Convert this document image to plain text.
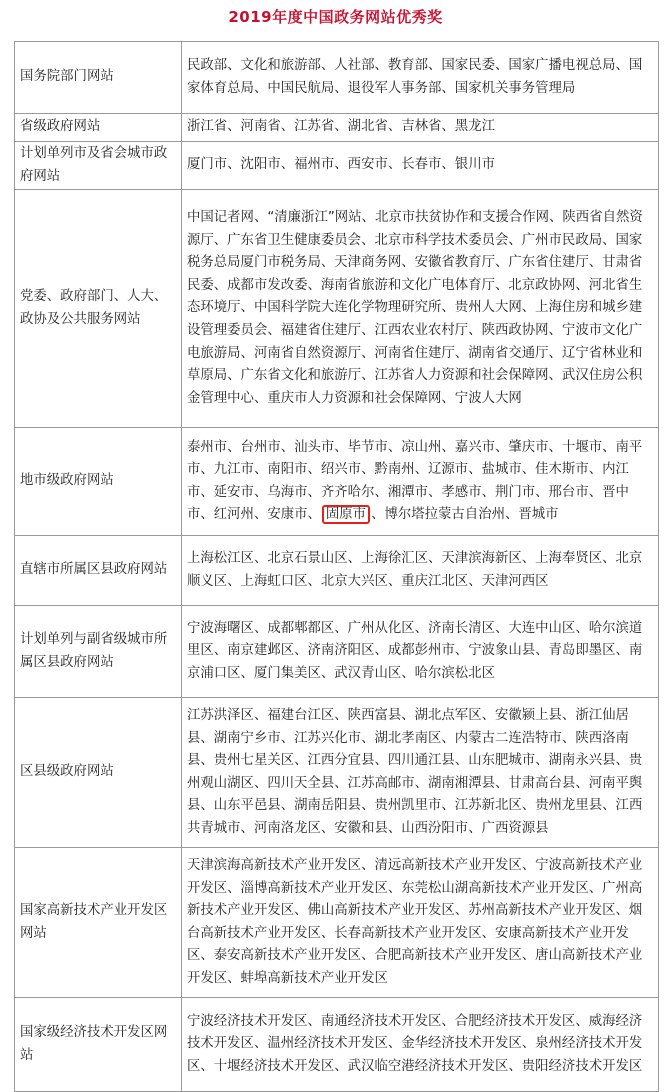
2019年度中国政务网站优秀奖
国务院部门网站	民政部、文化和旅游部、人社部、教育部、国家民委、国家广播电视总局、国家体育总局、中国民航局、退役军人事务部、国家机关事务管理局
省级政府网站	浙江省、河南省、江苏省、湖北省、吉林省、黑龙江
计划单列市及省会城市政府网站	厦门市、沈阳市、福州市、西安市、长春市、银川市
党委、政府部门、人大、政协及公共服务网站	中国记者网、“清廉浙江”网站、北京市扶贫协作和支援合作网、陕西省自然资源厅、广东省卫生健康委员会、北京市科学技术委员会、广州市民政局、国家税务总局厦门市税务局、天津商务网、安徽省教育厅、广东省住建厅、甘肃省民委、成都市发改委、海南省旅游和文化广电体育厅、北京政协网、河北省生态环境厅、中国科学院大连化学物理研究所、贵州人大网、上海住房和城乡建设管理委员会、福建省住建厅、江西农业农村厅、陕西政协网、宁波市文化广电旅游局、河南省自然资源厅、河南省住建厅、湖南省交通厅、辽宁省林业和草原局、广东省文化和旅游厅、江苏省人力资源和社会保障网、武汉住房公积金管理中心、重庆市人力资源和社会保障网、宁波人大网
地市级政府网站	泰州市、台州市、汕头市、毕节市、凉山州、嘉兴市、肇庆市、十堰市、南平市、九江市、南阳市、绍兴市、黔南州、辽源市、盐城市、佳木斯市、内江市、延安市、乌海市、齐齐哈尔、湘潭市、孝感市、荆门市、邢台市、晋中市、红河州、安康市、 固原市 、博尔塔拉蒙古自治州、晋城市
直辖市所属区县政府网站	上海松江区、北京石景山区、上海徐汇区、天津滨海新区、上海奉贤区、北京顺义区、上海虹口区、北京大兴区、重庆江北区、天津河西区
计划单列与副省级城市所属区县政府网站	宁波海曙区、成都郫都区、广州从化区、济南长清区、大连中山区、哈尔滨道里区、南京建邺区、济南济阳区、成都彭州市、宁波象山县、青岛即墨区、南京浦口区、厦门集美区、武汉青山区、哈尔滨松北区
区县级政府网站	江苏洪泽区、福建台江区、陕西富县、湖北点军区、安徽颍上县、浙江仙居县、湖南宁乡市、江苏兴化市、湖北孝南区、内蒙古二连浩特市、陕西洛南县、贵州七星关区、江西分宜县、四川通江县、山东肥城市、湖南永兴县、贵州观山湖区、四川天全县、江苏高邮市、湖南湘潭县、甘肃高台县、河南平舆县、山东平邑县、湖南岳阳县、贵州凯里市、江苏新北区、贵州龙里县、江西共青城市、河南洛龙区、安徽和县、山西汾阳市、广西资源县
国家高新技术产业开发区网站	天津滨海高新技术产业开发区、清远高新技术产业开发区、宁波高新技术产业开发区、淄博高新技术产业开发区、东莞松山湖高新技术产业开发区、广州高新技术产业开发区、佛山高新技术产业开发区、苏州高新技术产业开发区、烟台高新技术产业开发区、长春高新技术产业开发区、安康高新技术产业开发区、泰安高新技术产业开发区、合肥高新技术产业开发区、唐山高新技术产业开发区、蚌埠高新技术产业开发区
国家级经济技术开发区网站	宁波经济技术开发区、南通经济技术开发区、合肥经济技术开发区、威海经济技术开发区、温州经济技术开发区、金华经济技术开发区、泉州经济技术开发区、十堰经济技术开发区、武汉临空港经济技术开发区、贵阳经济技术开发区
